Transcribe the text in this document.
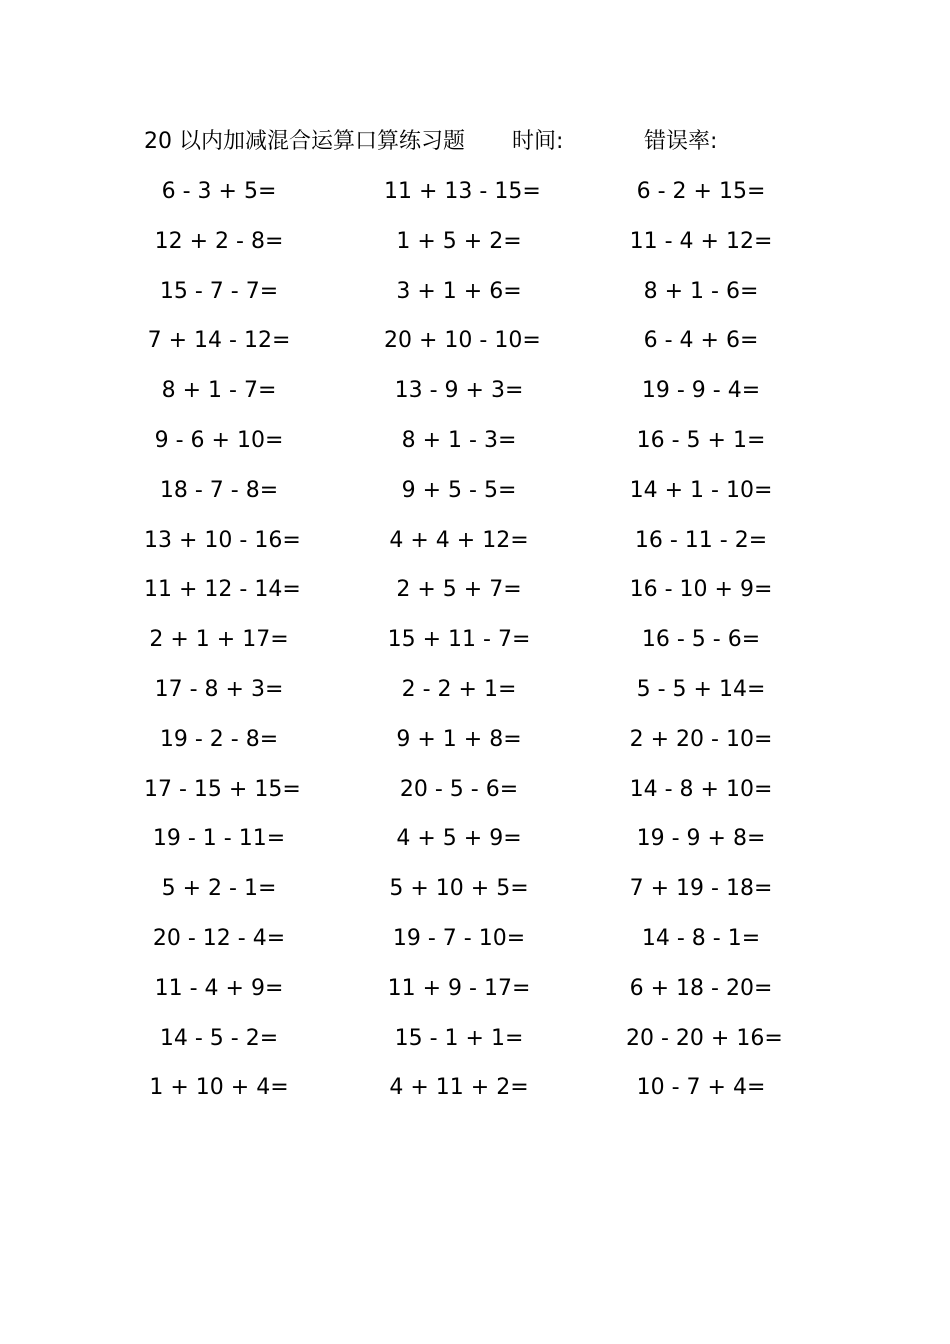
20 以内加减混合运算口算练习题 时间:	错误率:
6 - 3 + 5=	11 + 13 - 15=	6 - 2 + 15=
12 + 2 - 8=	1 + 5 + 2=	11 - 4 + 12=
15 - 7 - 7=	3 + 1 + 6=	8 + 1 - 6=
7 + 14 - 12=	20 + 10 - 10=	6 - 4 + 6=
8 + 1 - 7=	13 - 9 + 3=	19 - 9 - 4=
9 - 6 + 10=	8 + 1 - 3=	16 - 5 + 1=
18 - 7 - 8=	9 + 5 - 5=	14 + 1 - 10=
13 + 10 - 16=	4 + 4 + 12=	16 - 11 - 2=
11 + 12 - 14=	2 + 5 + 7=	16 - 10 + 9=
2 + 1 + 17=	15 + 11 - 7=	16 - 5 - 6=
17 - 8 + 3=	2 - 2 + 1=	5 - 5 + 14=
19 - 2 - 8=	9 + 1 + 8=	2 + 20 - 10=
17 - 15 + 15=	20 - 5 - 6=	14 - 8 + 10=
19 - 1 - 11=	4 + 5 + 9=	19 - 9 + 8=
5 + 2 - 1=	5 + 10 + 5=	7 + 19 - 18=
20 - 12 - 4=	19 - 7 - 10=	14 - 8 - 1=
11 - 4 + 9=	11 + 9 - 17=	6 + 18 - 20=
14 - 5 - 2=	15 - 1 + 1=	20 - 20 + 16=
1 + 10 + 4=	4 + 11 + 2=	10 - 7 + 4=
